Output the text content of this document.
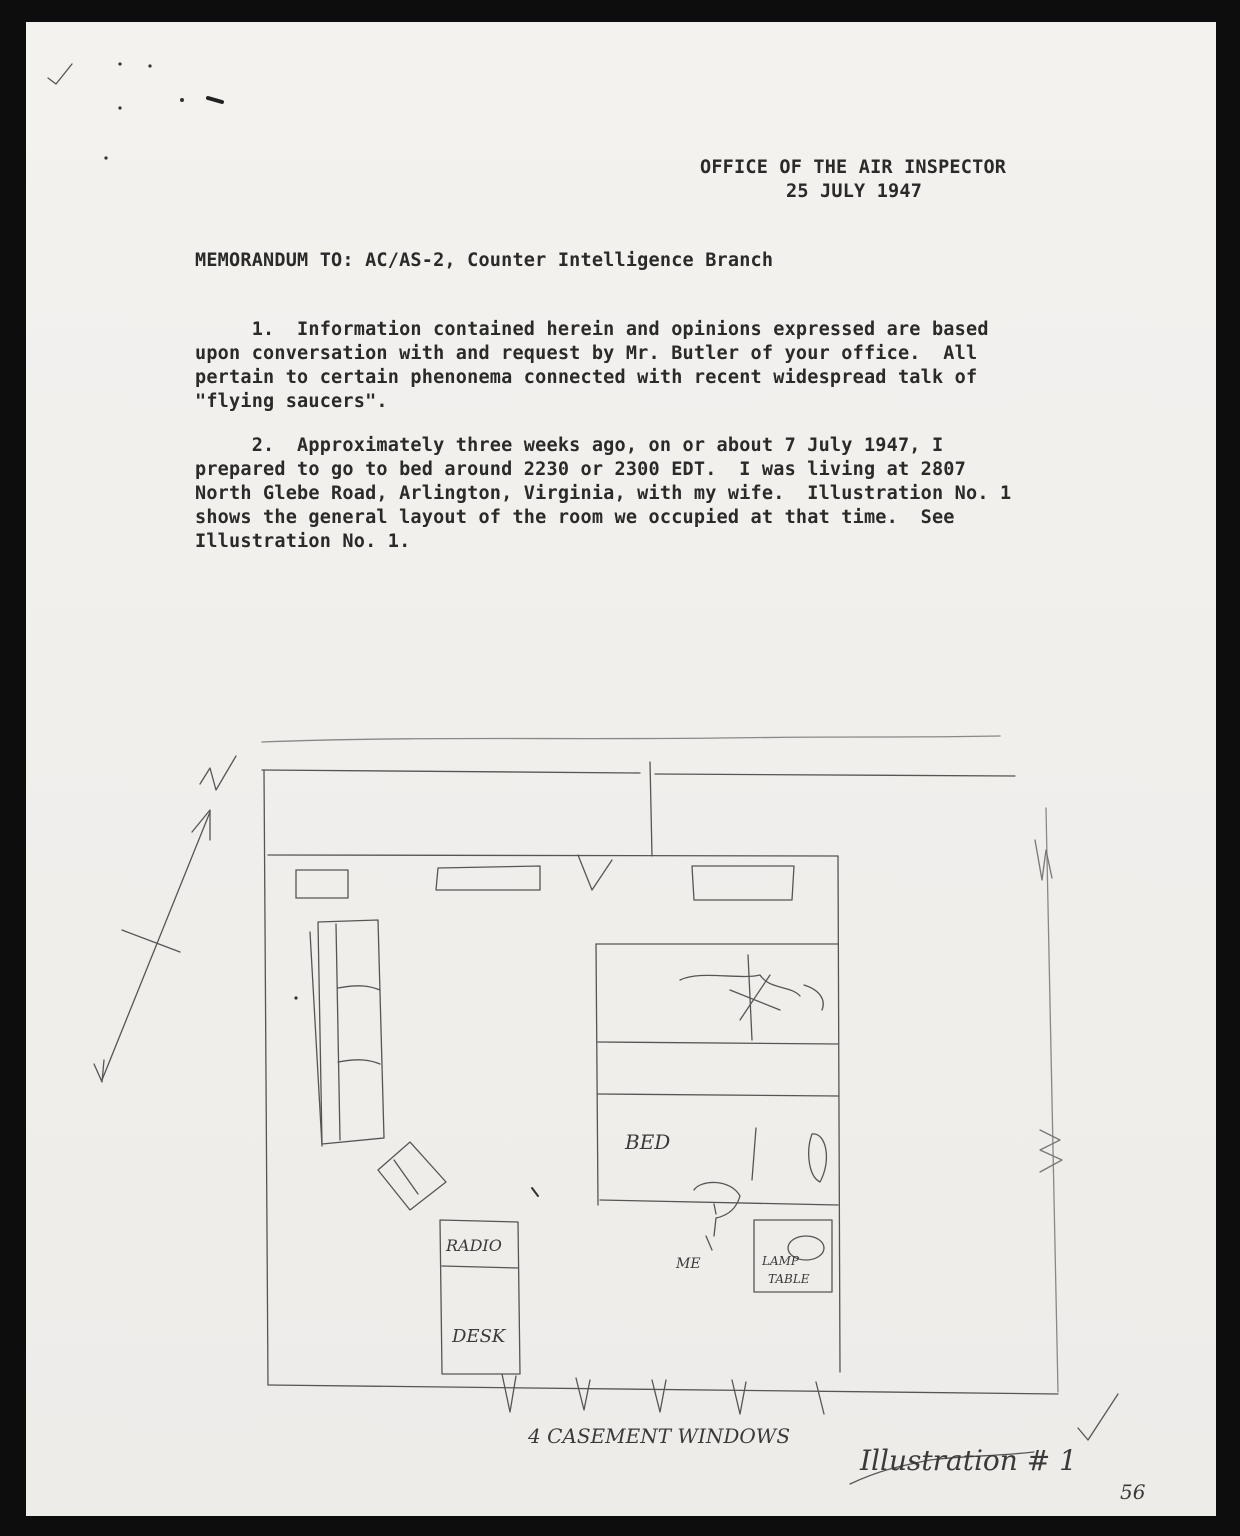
OFFICE OF THE AIR INSPECTOR
25 JULY 1947
MEMORANDUM TO: AC/AS-2, Counter Intelligence Branch
1.  Information contained herein and opinions expressed are based
upon conversation with and request by Mr. Butler of your office.  All
pertain to certain phenonema connected with recent widespread talk of
"flying saucers".
2.  Approximately three weeks ago, on or about 7 July 1947, I
prepared to go to bed around 2230 or 2300 EDT.  I was living at 2807
North Glebe Road, Arlington, Virginia, with my wife.  Illustration No. 1
shows the general layout of the room we occupied at that time.  See
Illustration No. 1.
BED
RADIO
DESK
ME	LAMP
TABLE
4 CASEMENT WINDOWS
Illustration # 1
56
